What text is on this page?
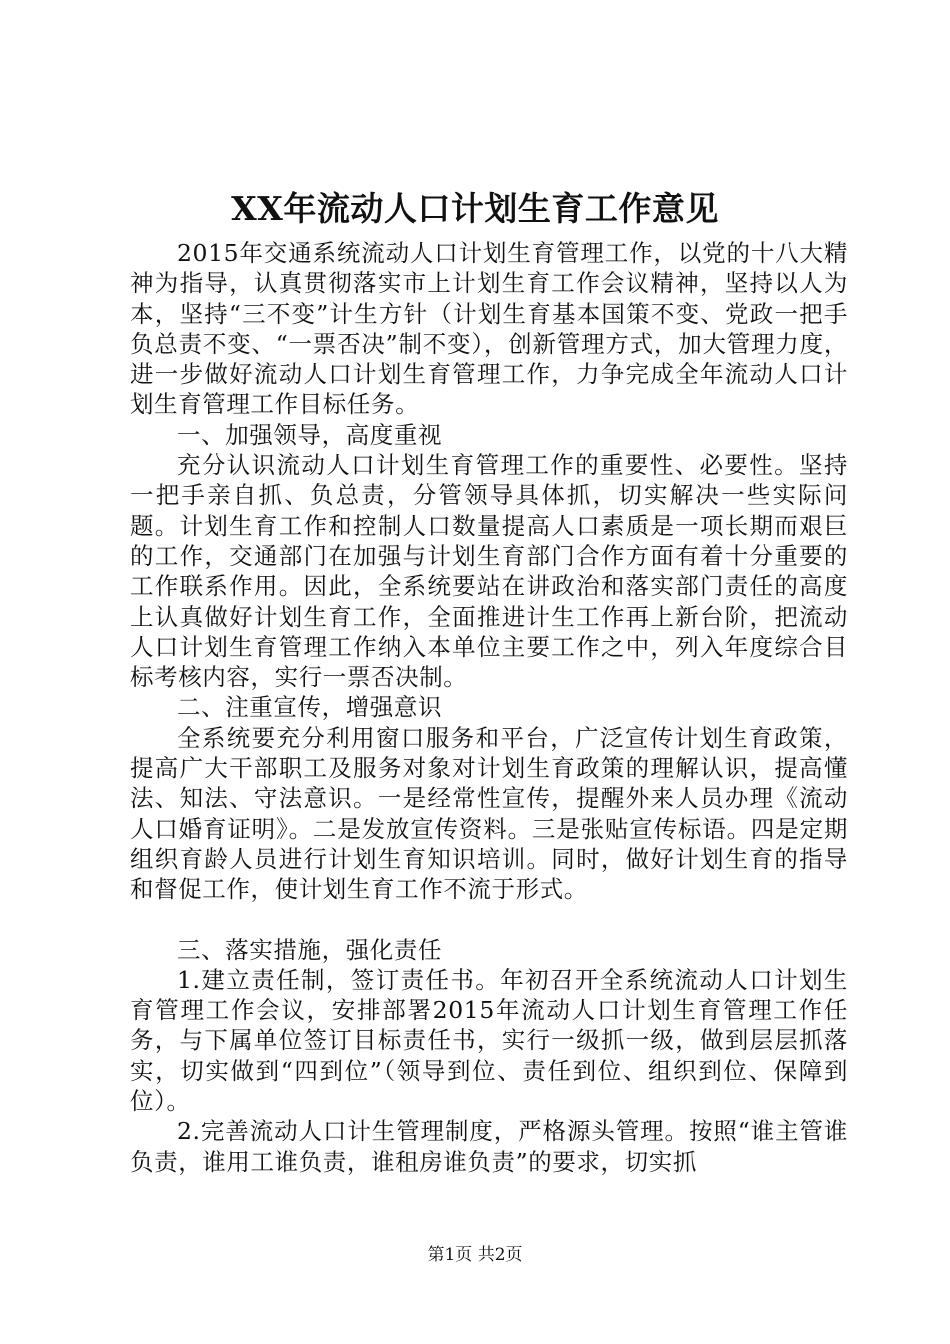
XX年流动人口计划生育工作意见

2015年交通系统流动人口计划生育管理工作，以党的十八大精神为指导，认真贯彻落实市上计划生育工作会议精神，坚持以人为本，坚持“三不变”计生方针（计划生育基本国策不变、党政一把手负总责不变、“一票否决”制不变），创新管理方式，加大管理力度，进一步做好流动人口计划生育管理工作，力争完成全年流动人口计划生育管理工作目标任务。

一、加强领导，高度重视

充分认识流动人口计划生育管理工作的重要性、必要性。坚持一把手亲自抓、负总责，分管领导具体抓，切实解决一些实际问题。计划生育工作和控制人口数量提高人口素质是一项长期而艰巨的工作，交通部门在加强与计划生育部门合作方面有着十分重要的工作联系作用。因此，全系统要站在讲政治和落实部门责任的高度上认真做好计划生育工作，全面推进计生工作再上新台阶，把流动人口计划生育管理工作纳入本单位主要工作之中，列入年度综合目标考核内容，实行一票否决制。

二、注重宣传，增强意识

全系统要充分利用窗口服务和平台，广泛宣传计划生育政策，提高广大干部职工及服务对象对计划生育政策的理解认识，提高懂法、知法、守法意识。一是经常性宣传，提醒外来人员办理《流动人口婚育证明》。二是发放宣传资料。三是张贴宣传标语。四是定期组织育龄人员进行计划生育知识培训。同时，做好计划生育的指导和督促工作，使计划生育工作不流于形式。

三、落实措施，强化责任

1.建立责任制，签订责任书。年初召开全系统流动人口计划生育管理工作会议，安排部署2015年流动人口计划生育管理工作任务，与下属单位签订目标责任书，实行一级抓一级，做到层层抓落实，切实做到“四到位”（领导到位、责任到位、组织到位、保障到位）。

2.完善流动人口计生管理制度，严格源头管理。按照“谁主管谁负责，谁用工谁负责，谁租房谁负责”的要求，切实抓

第1页 共2页
